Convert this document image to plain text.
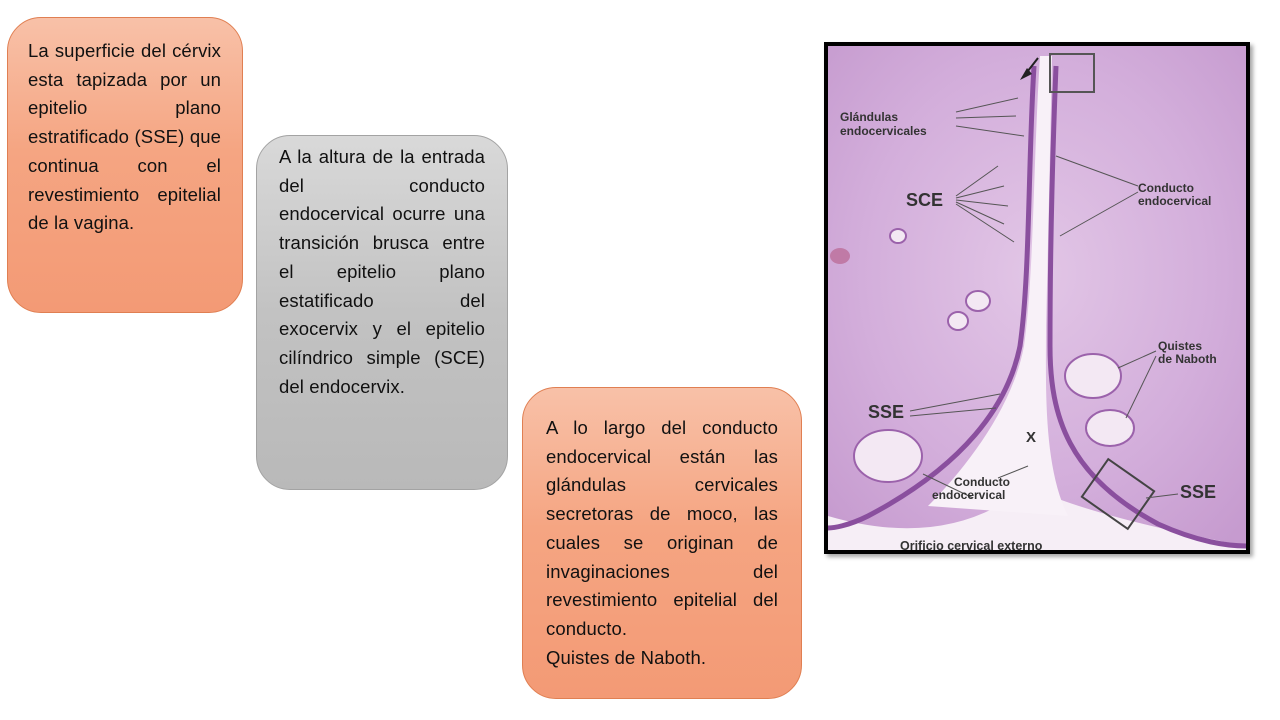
La superficie del cérvix esta tapizada por un epitelio plano estratificado (SSE) que continua con el revestimiento epitelial de la vagina.

A la altura de la entrada del conducto endocervical ocurre una transición brusca entre el epitelio plano estatificado del exocervix y el epitelio cilíndrico simple (SCE) del endocervix.

A lo largo del conducto endocervical están las glándulas cervicales secretoras de moco, las cuales se originan de invaginaciones del revestimiento epitelial del conducto.

Quistes de Naboth.

Glándulas
endocervicales
SCE
Conducto
endocervical
Quistes
de Naboth
SSE
X
Conducto
endocervical	SSE
Orificio cervical externo
